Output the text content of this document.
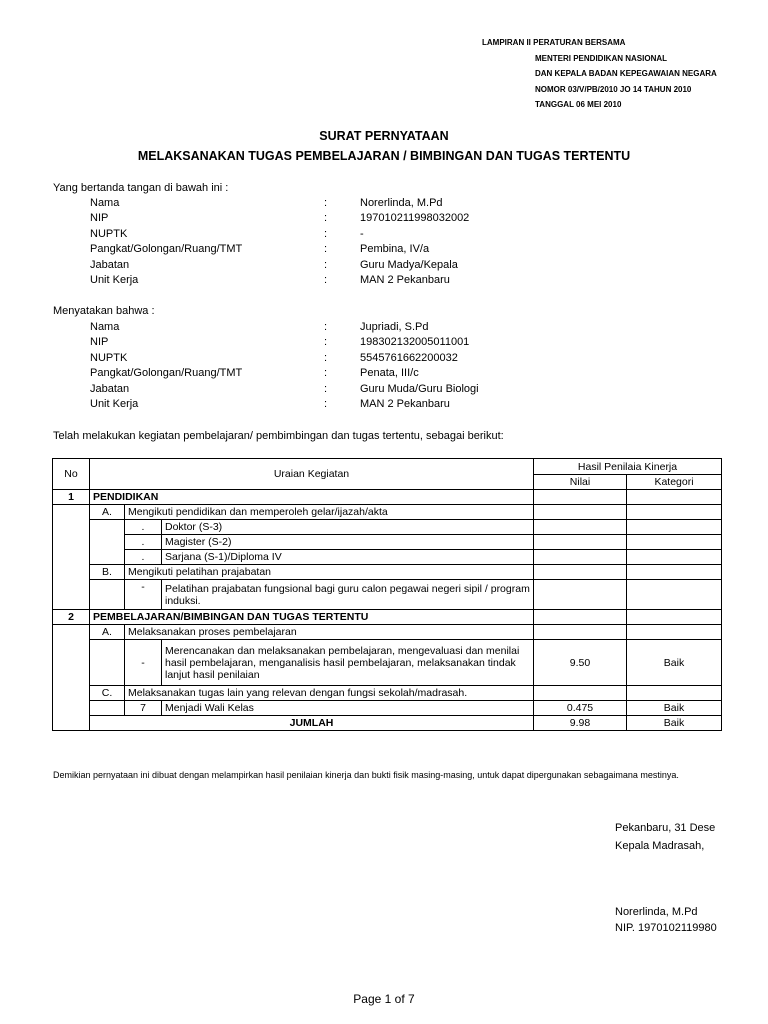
LAMPIRAN II PERATURAN BERSAMA
MENTERI PENDIDIKAN NASIONAL
DAN KEPALA BADAN KEPEGAWAIAN NEGARA
NOMOR 03/V/PB/2010 JO 14 TAHUN 2010
TANGGAL 06 MEI 2010
SURAT PERNYATAAN
MELAKSANAKAN TUGAS PEMBELAJARAN / BIMBINGAN DAN TUGAS TERTENTU
Yang bertanda tangan di bawah ini :
Nama	:	Norerlinda, M.Pd
NIP	:	197010211998032002
NUPTK	:	-
Pangkat/Golongan/Ruang/TMT	:	Pembina, IV/a
Jabatan	:	Guru Madya/Kepala
Unit Kerja	:	MAN 2 Pekanbaru
Menyatakan bahwa :
Nama	:	Jupriadi, S.Pd
NIP	:	198302132005011001
NUPTK	:	5545761662200032
Pangkat/Golongan/Ruang/TMT	:	Penata, III/c
Jabatan	:	Guru Muda/Guru Biologi
Unit Kerja	:	MAN 2 Pekanbaru
Telah melakukan kegiatan pembelajaran/ pembimbingan dan tugas tertentu, sebagai berikut:
No	Uraian Kegiatan			Hasil Penilaia Kinerja	
				Nilai	Kategori
1	PENDIDIKAN				
	A.	Mengikuti pendidikan dan memperoleh gelar/ijazah/akta			
		.	Doktor (S-3)		
		.	Magister (S-2)		
		.	Sarjana (S-1)/Diploma IV		
	B.	Mengikuti pelatihan prajabatan			
		-	Pelatihan prajabatan fungsional bagi guru calon pegawai negeri sipil / program induksi.		
2	PEMBELAJARAN/BIMBINGAN DAN TUGAS TERTENTU				
	A.	Melaksanakan proses pembelajaran			
		-	Merencanakan dan melaksanakan pembelajaran, mengevaluasi dan menilai hasil pembelajaran, menganalisis hasil pembelajaran, melaksanakan tindak lanjut hasil penilaian	9.50	Baik
	C.	Melaksanakan tugas lain yang relevan dengan fungsi sekolah/madrasah.			
		7	Menjadi Wali Kelas	0.475	Baik
	JUMLAH			9.98	Baik
Demikian pernyataan ini dibuat dengan melampirkan hasil penilaian kinerja dan bukti fisik masing-masing, untuk dapat dipergunakan sebagaimana mestinya.
Pekanbaru, 31 Dese
Kepala Madrasah,
Norerlinda, M.Pd
NIP. 1970102119980
Page 1 of 7
